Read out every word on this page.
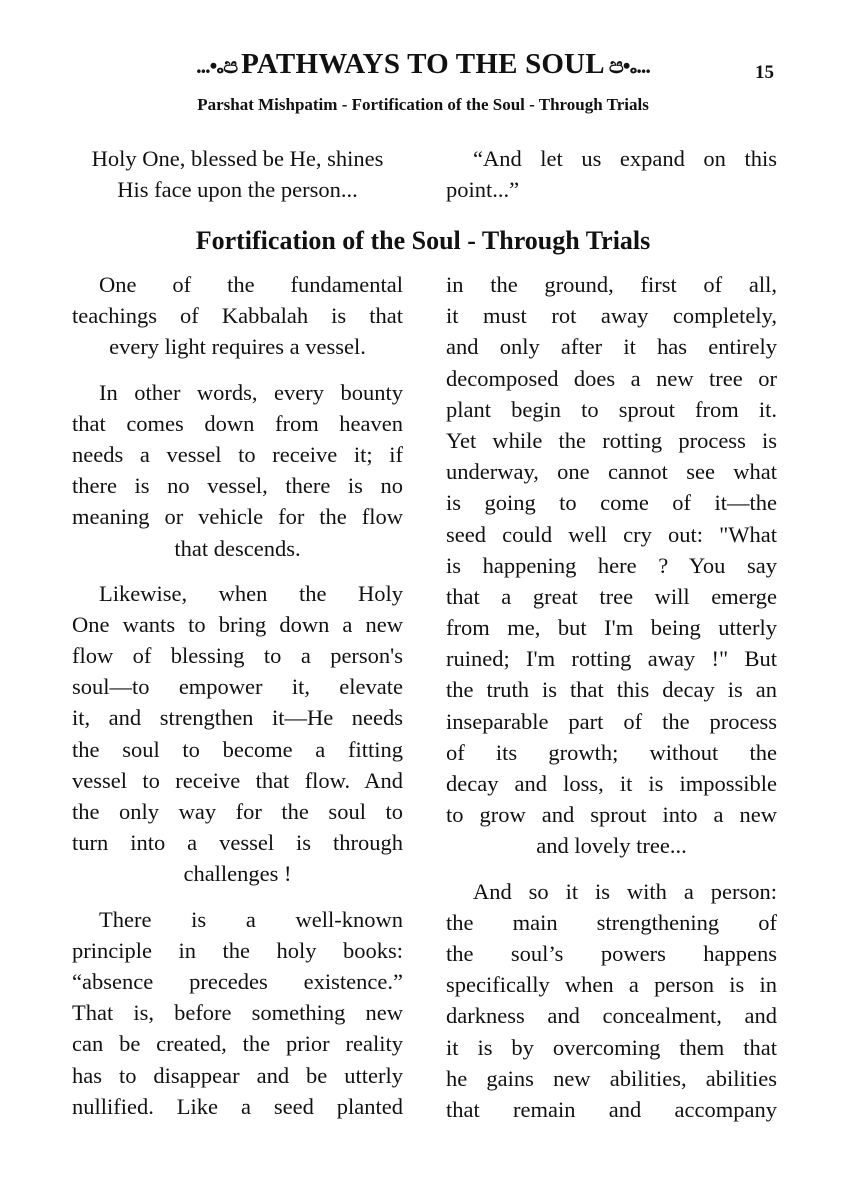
...•૰ප PATHWAYS TO THE SOUL ප•૰...	15
Parshat Mishpatim - Fortification of the Soul - Through Trials
Holy One, blessed be He, shines
His face upon the person...
“And let us expand on this
point...”
Fortification of the Soul - Through Trials
One of the fundamental
teachings of Kabbalah is that
every light requires a vessel.
In other words, every bounty
that comes down from heaven
needs a vessel to receive it; if
there is no vessel, there is no
meaning or vehicle for the flow
that descends.
Likewise, when the Holy
One wants to bring down a new
flow of blessing to a person's
soul—to empower it, elevate
it, and strengthen it—He needs
the soul to become a fitting
vessel to receive that flow. And
the only way for the soul to
turn into a vessel is through
challenges !
There is a well-known
principle in the holy books:
“absence precedes existence.”
That is, before something new
can be created, the prior reality
has to disappear and be utterly
nullified. Like a seed planted
in the ground, first of all,
it must rot away completely,
and only after it has entirely
decomposed does a new tree or
plant begin to sprout from it.
Yet while the rotting process is
underway, one cannot see what
is going to come of it—the
seed could well cry out: "What
is happening here ? You say
that a great tree will emerge
from me, but I'm being utterly
ruined; I'm rotting away !" But
the truth is that this decay is an
inseparable part of the process
of its growth; without the
decay and loss, it is impossible
to grow and sprout into a new
and lovely tree...
And so it is with a person:
the main strengthening of
the soul’s powers happens
specifically when a person is in
darkness and concealment, and
it is by overcoming them that
he gains new abilities, abilities
that remain and accompany
